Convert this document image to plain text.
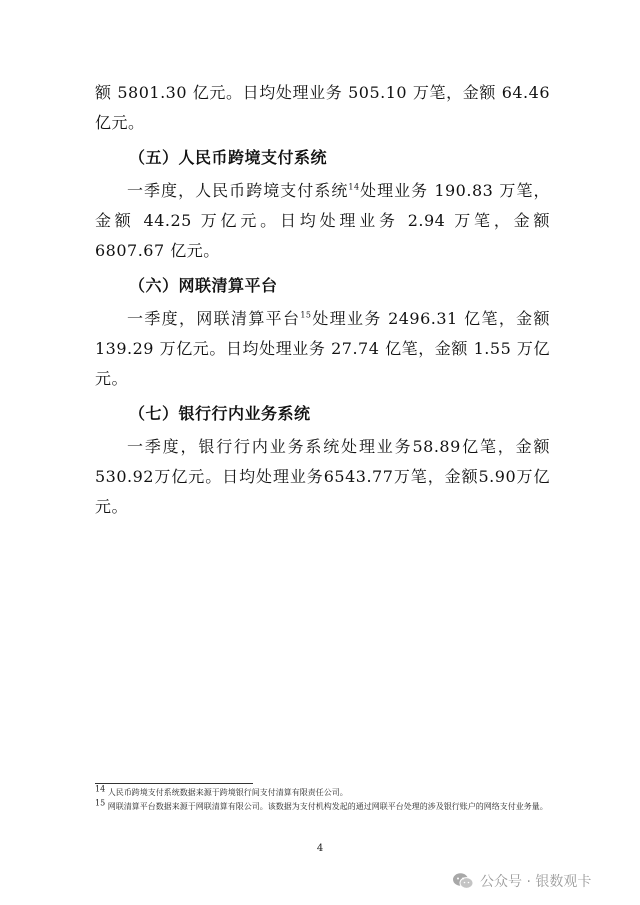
额 5801.30 亿元。日均处理业务 505.10 万笔，金额 64.46 亿元。

（五）人民币跨境支付系统

一季度，人民币跨境支付系统$^{14}$处理业务 190.83 万笔，金额 44.25 万亿元。日均处理业务 2.94 万笔，金额 6807.67 亿元。

（六）网联清算平台

一季度，网联清算平台$^{15}$处理业务 2496.31 亿笔，金额 139.29 万亿元。日均处理业务 27.74 亿笔，金额 1.55 万亿元。

（七）银行行内业务系统

一季度，银行行内业务系统处理业务58.89亿笔，金额530.92万亿元。日均处理业务6543.77万笔，金额5.90万亿元。

$^{14}$ 人民币跨境支付系统数据来源于跨境银行间支付清算有限责任公司。

$^{15}$ 网联清算平台数据来源于网联清算有限公司。该数据为支付机构发起的通过网联平台处理的涉及银行账户的网络支付业务量。

4
公众号 · 银数观卡
